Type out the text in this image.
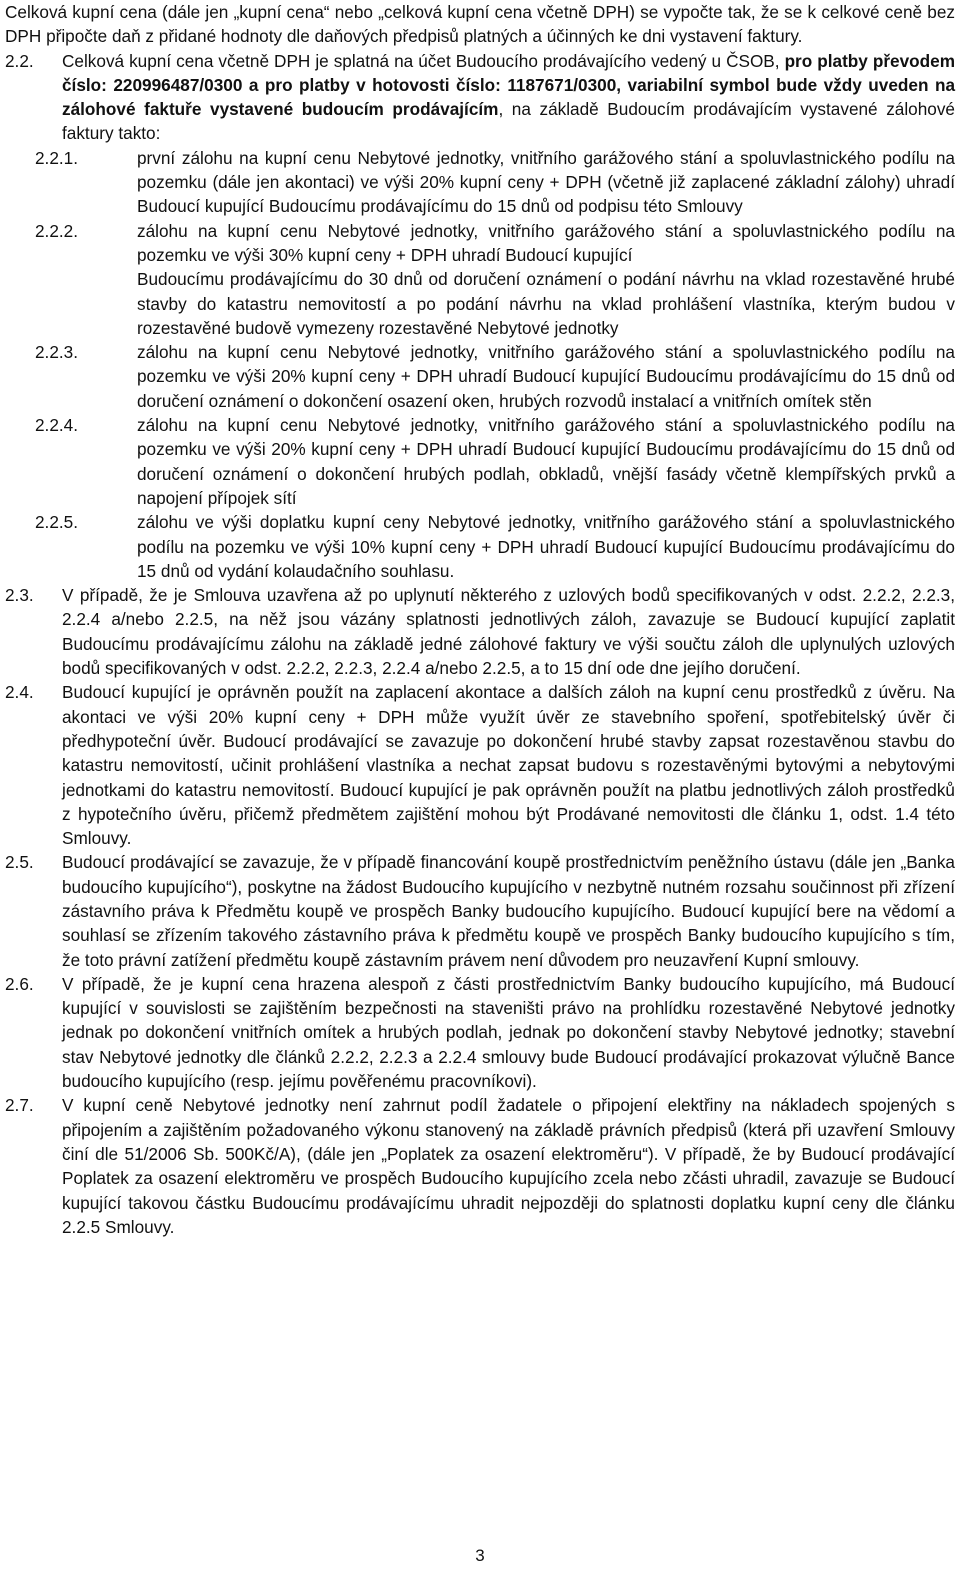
Celková kupní cena (dále jen „kupní cena“ nebo „celková kupní cena včetně DPH) se vypočte tak, že se k celkové ceně bez DPH připočte daň z přidané hodnoty dle daňových předpisů platných a účinných ke dni vystavení faktury.

2.2.	Celková kupní cena včetně DPH je splatná na účet Budoucího prodávajícího vedený u ČSOB, pro platby převodem číslo: 220996487/0300 a pro platby v hotovosti číslo: 1187671/0300, variabilní symbol bude vždy uveden na zálohové faktuře vystavené budoucím prodávajícím, na základě Budoucím prodávajícím vystavené zálohové faktury takto:
2.2.1.	první zálohu na kupní cenu Nebytové jednotky, vnitřního garážového stání a spoluvlastnického podílu na pozemku (dále jen akontaci) ve výši 20% kupní ceny + DPH (včetně již zaplacené základní zálohy) uhradí Budoucí kupující Budoucímu prodávajícímu do 15 dnů od podpisu této Smlouvy
2.2.2.	zálohu na kupní cenu Nebytové jednotky, vnitřního garážového stání a spoluvlastnického podílu na pozemku ve výši 30% kupní ceny + DPH uhradí Budoucí kupující
Budoucímu prodávajícímu do 30 dnů od doručení oznámení o podání návrhu na vklad rozestavěné hrubé stavby do katastru nemovitostí a po podání návrhu na vklad prohlášení vlastníka, kterým budou v rozestavěné budově vymezeny rozestavěné Nebytové jednotky
2.2.3.	zálohu na kupní cenu Nebytové jednotky, vnitřního garážového stání a spoluvlastnického podílu na pozemku ve výši 20% kupní ceny + DPH uhradí Budoucí kupující Budoucímu prodávajícímu do 15 dnů od doručení oznámení o dokončení osazení oken, hrubých rozvodů instalací a vnitřních omítek stěn
2.2.4.	zálohu na kupní cenu Nebytové jednotky, vnitřního garážového stání a spoluvlastnického podílu na pozemku ve výši 20% kupní ceny + DPH uhradí Budoucí kupující Budoucímu prodávajícímu do 15 dnů od doručení oznámení o dokončení hrubých podlah, obkladů, vnější fasády včetně klempířských prvků a napojení přípojek sítí
2.2.5.	zálohu ve výši doplatku kupní ceny Nebytové jednotky, vnitřního garážového stání a spoluvlastnického podílu na pozemku ve výši 10% kupní ceny + DPH uhradí Budoucí kupující Budoucímu prodávajícímu do 15 dnů od vydání kolaudačního souhlasu.
2.3.	V případě, že je Smlouva uzavřena až po uplynutí některého z uzlových bodů specifikovaných v odst. 2.2.2, 2.2.3, 2.2.4 a/nebo 2.2.5, na něž jsou vázány splatnosti jednotlivých záloh, zavazuje se Budoucí kupující zaplatit Budoucímu prodávajícímu zálohu na základě jedné zálohové faktury ve výši součtu záloh dle uplynulých uzlových bodů specifikovaných v odst. 2.2.2, 2.2.3, 2.2.4 a/nebo 2.2.5, a to 15 dní ode dne jejího doručení.
2.4.	Budoucí kupující je oprávněn použít na zaplacení akontace a dalších záloh na kupní cenu prostředků z úvěru. Na akontaci ve výši 20% kupní ceny + DPH může využít úvěr ze stavebního spoření, spotřebitelský úvěr či předhypoteční úvěr. Budoucí prodávající se zavazuje po dokončení hrubé stavby zapsat rozestavěnou stavbu do katastru nemovitostí, učinit prohlášení vlastníka a nechat zapsat budovu s rozestavěnými bytovými a nebytovými jednotkami do katastru nemovitostí. Budoucí kupující je pak oprávněn použít na platbu jednotlivých záloh prostředků z hypotečního úvěru, přičemž předmětem zajištění mohou být Prodávané nemovitosti dle článku 1, odst. 1.4 této Smlouvy.
2.5.	Budoucí prodávající se zavazuje, že v případě financování koupě prostřednictvím peněžního ústavu (dále jen „Banka budoucího kupujícího“), poskytne na žádost Budoucího kupujícího v nezbytně nutném rozsahu součinnost při zřízení zástavního práva k Předmětu koupě ve prospěch Banky budoucího kupujícího. Budoucí kupující bere na vědomí a souhlasí se zřízením takového zástavního práva k předmětu koupě ve prospěch Banky budoucího kupujícího s tím, že toto právní zatížení předmětu koupě zástavním právem není důvodem pro neuzavření Kupní smlouvy.
2.6.	V případě, že je kupní cena hrazena alespoň z části prostřednictvím Banky budoucího kupujícího, má Budoucí kupující v souvislosti se zajištěním bezpečnosti na staveništi právo na prohlídku rozestavěné Nebytové jednotky jednak po dokončení vnitřních omítek a hrubých podlah, jednak po dokončení stavby Nebytové jednotky; stavební stav Nebytové jednotky dle článků 2.2.2, 2.2.3 a 2.2.4 smlouvy bude Budoucí prodávající prokazovat výlučně Bance budoucího kupujícího (resp. jejímu pověřenému pracovníkovi).
2.7.	V kupní ceně Nebytové jednotky není zahrnut podíl žadatele o připojení elektřiny na nákladech spojených s připojením a zajištěním požadovaného výkonu stanovený na základě právních předpisů (která při uzavření Smlouvy činí dle 51/2006 Sb. 500Kč/A), (dále jen „Poplatek za osazení elektroměru“). V případě, že by Budoucí prodávající Poplatek za osazení elektroměru ve prospěch Budoucího kupujícího zcela nebo zčásti uhradil, zavazuje se Budoucí kupující takovou částku Budoucímu prodávajícímu uhradit nejpozději do splatnosti doplatku kupní ceny dle článku 2.2.5 Smlouvy.
3
